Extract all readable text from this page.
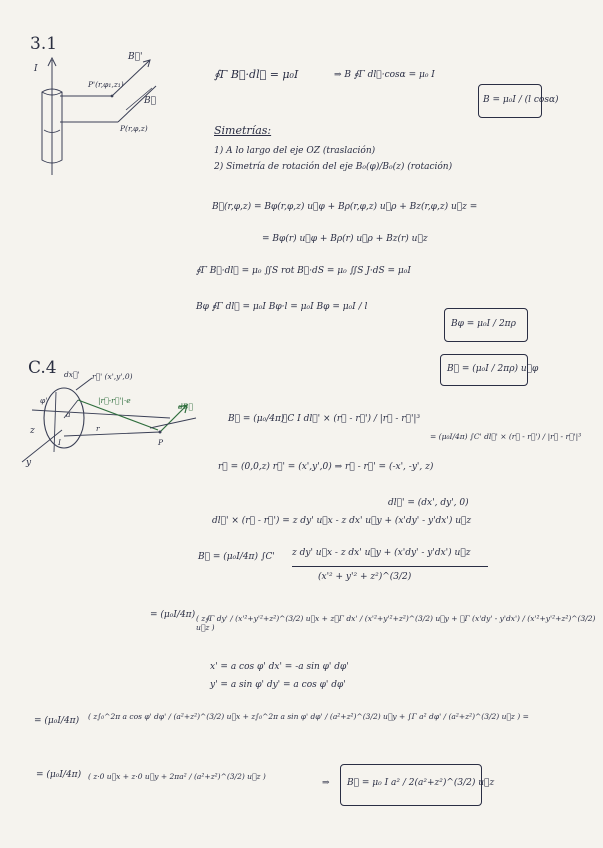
3.1
C.4
I
P'(r,φ₁,z₁)
P(r,φ,z)
B⃗'
B⃗
∮Γ B⃗·dl⃗ = μ₀I	⇒ B ∮Γ dl⃗·cosα = μ₀ I
B = μ₀I / (l cosα)
Simetrías:
1) A lo largo del eje OZ (traslación)
2) Simetría de rotación del eje B₀(φ)/B₀(z) (rotación)
B⃗(r,φ,z) = Bφ(r,φ,z) u⃗φ + Bρ(r,φ,z) u⃗ρ + Bz(r,φ,z) u⃗z =
= Bφ(r) u⃗φ + Bρ(r) u⃗ρ + Bz(r) u⃗z
∮Γ B⃗·dl⃗ = μ₀ ∬S rot B⃗·dS = μ₀ ∬S J·dS = μ₀I
Bφ ∮Γ dl⃗ = μ₀I Bφ·l = μ₀I Bφ = μ₀I / l
Bφ = μ₀I / 2πρ
B⃗ = (μ₀I / 2πρ) u⃗φ
dx⃗' r⃗' (x',y',0)
|r⃗-r⃗'|·e
dB⃗
z
y
r
P
a
φ'
I
B⃗ = (μ₀/4π)
∮C I dl⃗' × (r⃗ - r⃗') / |r⃗ - r⃗'|³
= (μ₀I/4π) ∫C' dl⃗' × (r⃗ - r⃗') / |r⃗ - r⃗'|³
r⃗ = (0,0,z) r⃗' = (x',y',0) ⇒ r⃗ - r⃗' = (-x', -y', z)
dl⃗' = (dx', dy', 0)
dl⃗' × (r⃗ - r⃗') = z dy' u⃗x - z dx' u⃗y + (x'dy' - y'dx') u⃗z
B⃗ = (μ₀I/4π) ∫C' z dy' u⃗x - z dx' u⃗y + (x'dy' - y'dx') u⃗z
(x'² + y'² + z²)^(3/2)
= (μ₀I/4π) ( z∮Γ dy' / (x'²+y'²+z²)^(3/2) u⃗x + z∮Γ dx' / (x'²+y'²+z²)^(3/2) u⃗y + ∮Γ (x'dy' - y'dx') / (x'²+y'²+z²)^(3/2) u⃗z )
x' = a cos φ' dx' = -a sin φ' dφ'
y' = a sin φ' dy' = a cos φ' dφ'
= (μ₀I/4π) ( z∫₀^2π a cos φ' dφ' / (a²+z²)^(3/2) u⃗x + z∫₀^2π a sin φ' dφ' / (a²+z²)^(3/2) u⃗y + ∫Γ a² dφ' / (a²+z²)^(3/2) u⃗z ) =
= (μ₀I/4π) ( z·0 u⃗x + z·0 u⃗y + 2πa² / (a²+z²)^(3/2) u⃗z )
⇒ B⃗ = μ₀ I a² / 2(a²+z²)^(3/2) u⃗z
